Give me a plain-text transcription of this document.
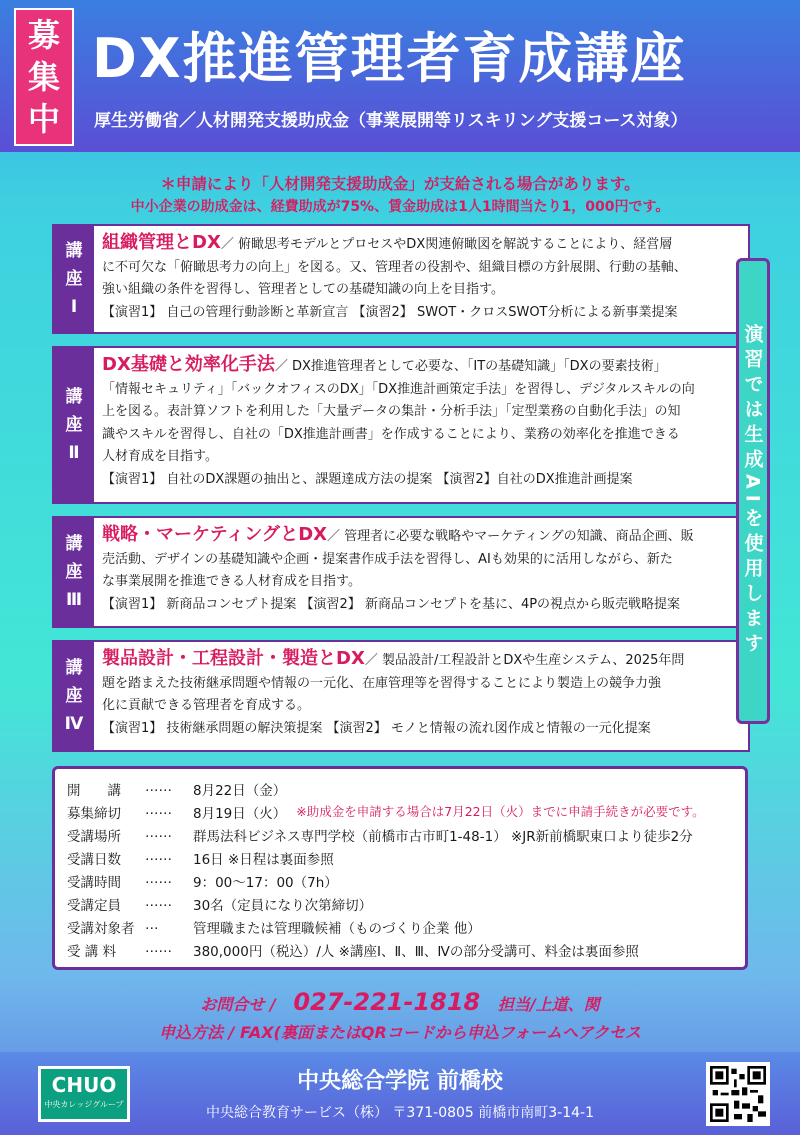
募
集
中
DX推進管理者育成講座
厚生労働省／人材開発支援助成金（事業展開等リスキリング支援コース対象）
＊申請により「人材開発支援助成金」が支給される場合があります。
中小企業の助成金は、経費助成が75%、賃金助成は1人1時間当たり1，000円です。
講
座
Ⅰ
組織管理とDX／ 俯瞰思考モデルとプロセスやDX関連俯瞰図を解説することにより、経営層
に不可欠な「俯瞰思考力の向上」を図る。又、管理者の役割や、組織目標の方針展開、行動の基軸、
強い組織の条件を習得し、管理者としての基礎知識の向上を目指す。
【演習1】 自己の管理行動診断と革新宣言 【演習2】 SWOT・クロスSWOT分析による新事業提案
講
座
Ⅱ
DX基礎と効率化手法／ DX推進管理者として必要な、「ITの基礎知識」「DXの要素技術」
「情報セキュリティ」「バックオフィスのDX」「DX推進計画策定手法」を習得し、デジタルスキルの向
上を図る。表計算ソフトを利用した「大量データの集計・分析手法」「定型業務の自動化手法」の知
識やスキルを習得し、自社の「DX推進計画書」を作成することにより、業務の効率化を推進できる
人材育成を目指す。
【演習1】 自社のDX課題の抽出と、課題達成方法の提案 【演習2】自社のDX推進計画提案
講
座
Ⅲ
戦略・マーケティングとDX／ 管理者に必要な戦略やマーケティングの知識、商品企画、販
売活動、デザインの基礎知識や企画・提案書作成手法を習得し、AIも効果的に活用しながら、新た
な事業展開を推進できる人材育成を目指す。
【演習1】 新商品コンセプト提案 【演習2】 新商品コンセプトを基に、4Pの視点から販売戦略提案
講
座
Ⅳ
製品設計・工程設計・製造とDX／ 製品設計/工程設計とDXや生産システム、2025年問
題を踏まえた技術継承問題や情報の一元化、在庫管理等を習得することにより製造上の競争力強
化に貢献できる管理者を育成する。
【演習1】 技術継承問題の解決策提案 【演習2】 モノと情報の流れ図作成と情報の一元化提案
演習では生成AIを使用します
開　　講	……	8月22日（金）
募集締切	……	8月19日（火） ※助成金を申請する場合は7月22日（火）までに申請手続きが必要です。
受講場所	……	群馬法科ビジネス専門学校（前橋市古市町1-48-1） ※JR新前橋駅東口より徒歩2分
受講日数	……	16日 ※日程は裏面参照
受講時間	……	9：00～17：00（7h）
受講定員	……	30名（定員になり次第締切）
受講対象者 …	管理職または管理職候補（ものづくり企業 他）
受 講 料	……	380,000円（税込）/人 ※講座Ⅰ、Ⅱ、Ⅲ、Ⅳの部分受講可、料金は裏面参照
お問合せ / 027-221-1818 担当/上道、関
申込方法 / FAX(裏面またはQRコードから申込フォームへアクセス
CHUO
中央カレッジグループ
中央総合学院 前橋校
中央総合教育サービス（株） 〒371-0805 前橋市南町3-14-1
